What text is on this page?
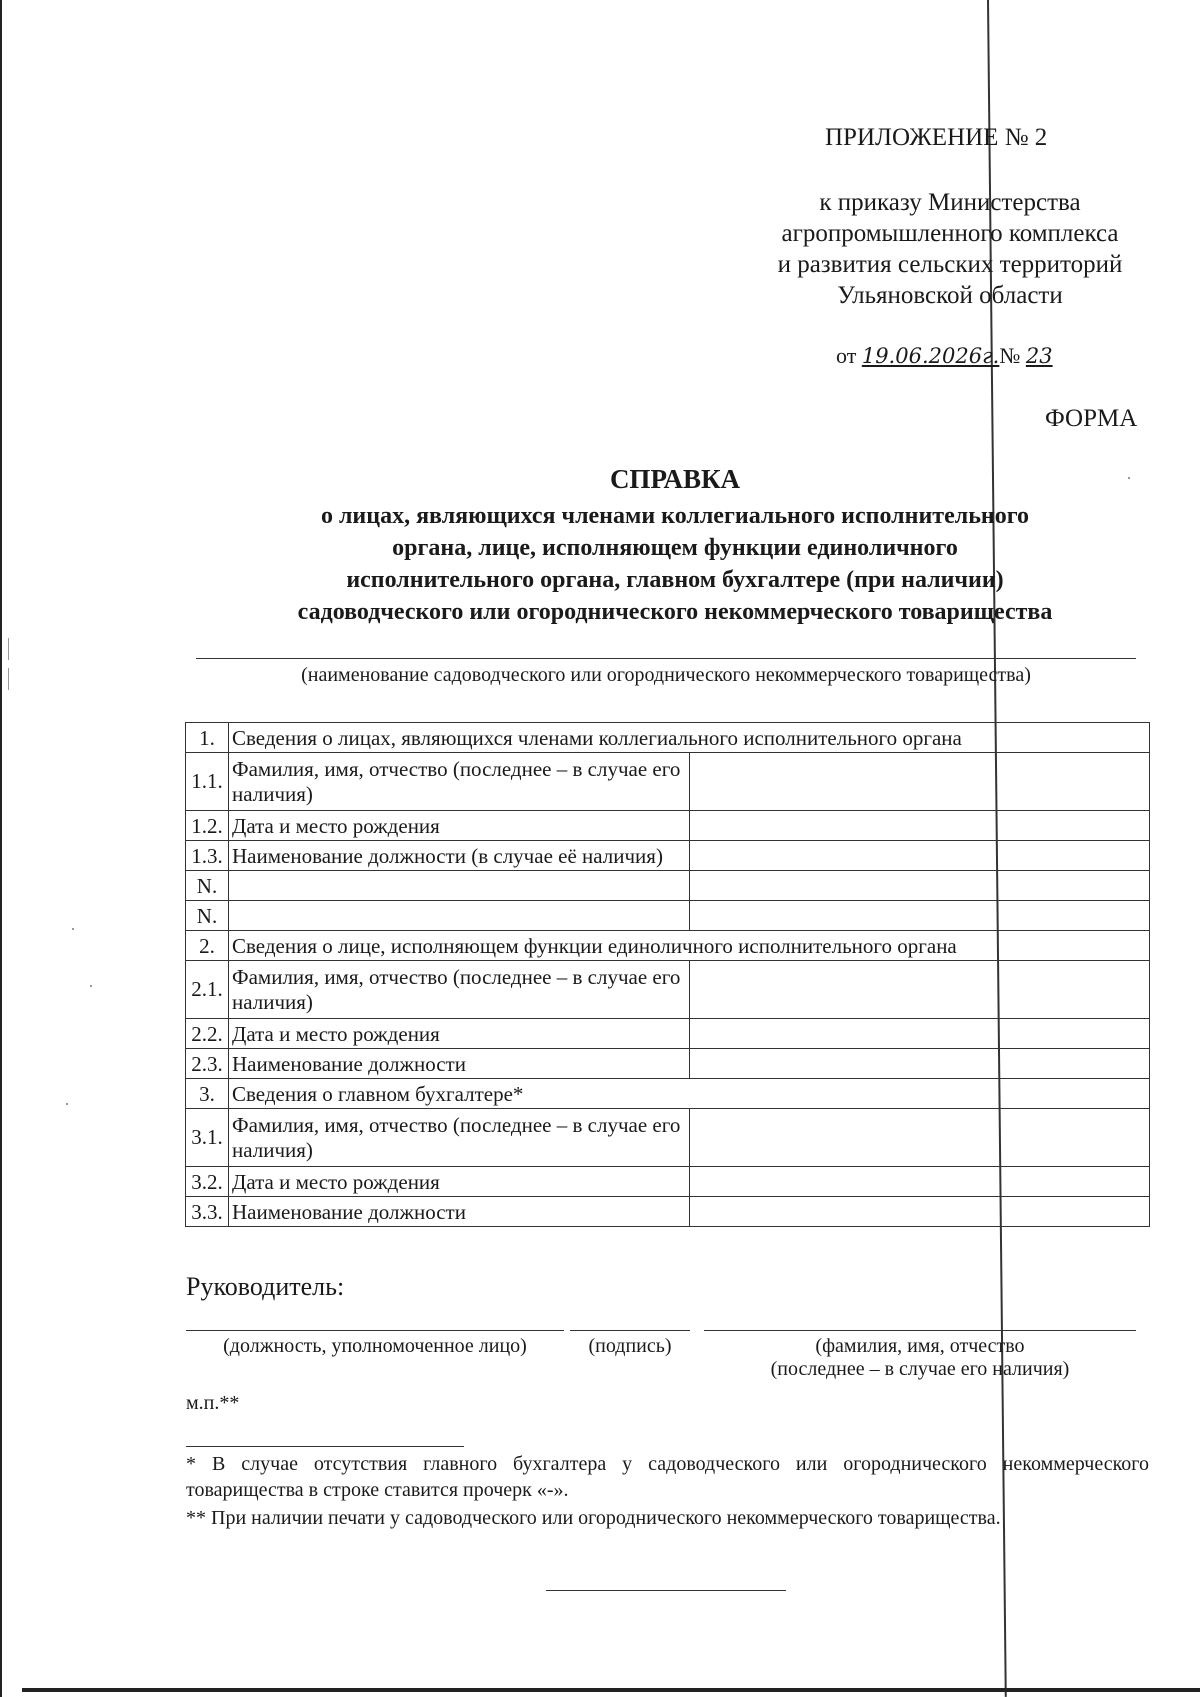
ПРИЛОЖЕНИЕ № 2
к приказу Министерства
агропромышленного комплекса
и развития сельских территорий
Ульяновской области
от 19.06.2026г.№ 23
ФОРМА
СПРАВКА
о лицах, являющихся членами коллегиального исполнительного
органа, лице, исполняющем функции единоличного
исполнительного органа, главном бухгалтере (при наличии)
садоводческого или огороднического некоммерческого товарищества
(наименование садоводческого или огороднического некоммерческого товарищества)
1.	Сведения о лицах, являющихся членами коллегиального исполнительного органа	
1.1.	Фамилия, имя, отчество (последнее – в случае его наличия)	
1.2.	Дата и место рождения	
1.3.	Наименование должности (в случае её наличия)	
N.		
N.		
2.	Сведения о лице, исполняющем функции единоличного исполнительного органа	
2.1.	Фамилия, имя, отчество (последнее – в случае его наличия)	
2.2.	Дата и место рождения	
2.3.	Наименование должности	
3.	Сведения о главном бухгалтере*	
3.1.	Фамилия, имя, отчество (последнее – в случае его наличия)	
3.2.	Дата и место рождения	
3.3.	Наименование должности	
Руководитель:
(должность, уполномоченное лицо)	(подпись)	(фамилия, имя, отчество
(последнее – в случае его наличия)
м.п.**
* В случае отсутствия главного бухгалтера у садоводческого или огороднического некоммерческого товарищества в строке ставится прочерк «-».
** При наличии печати у садоводческого или огороднического некоммерческого товарищества.
